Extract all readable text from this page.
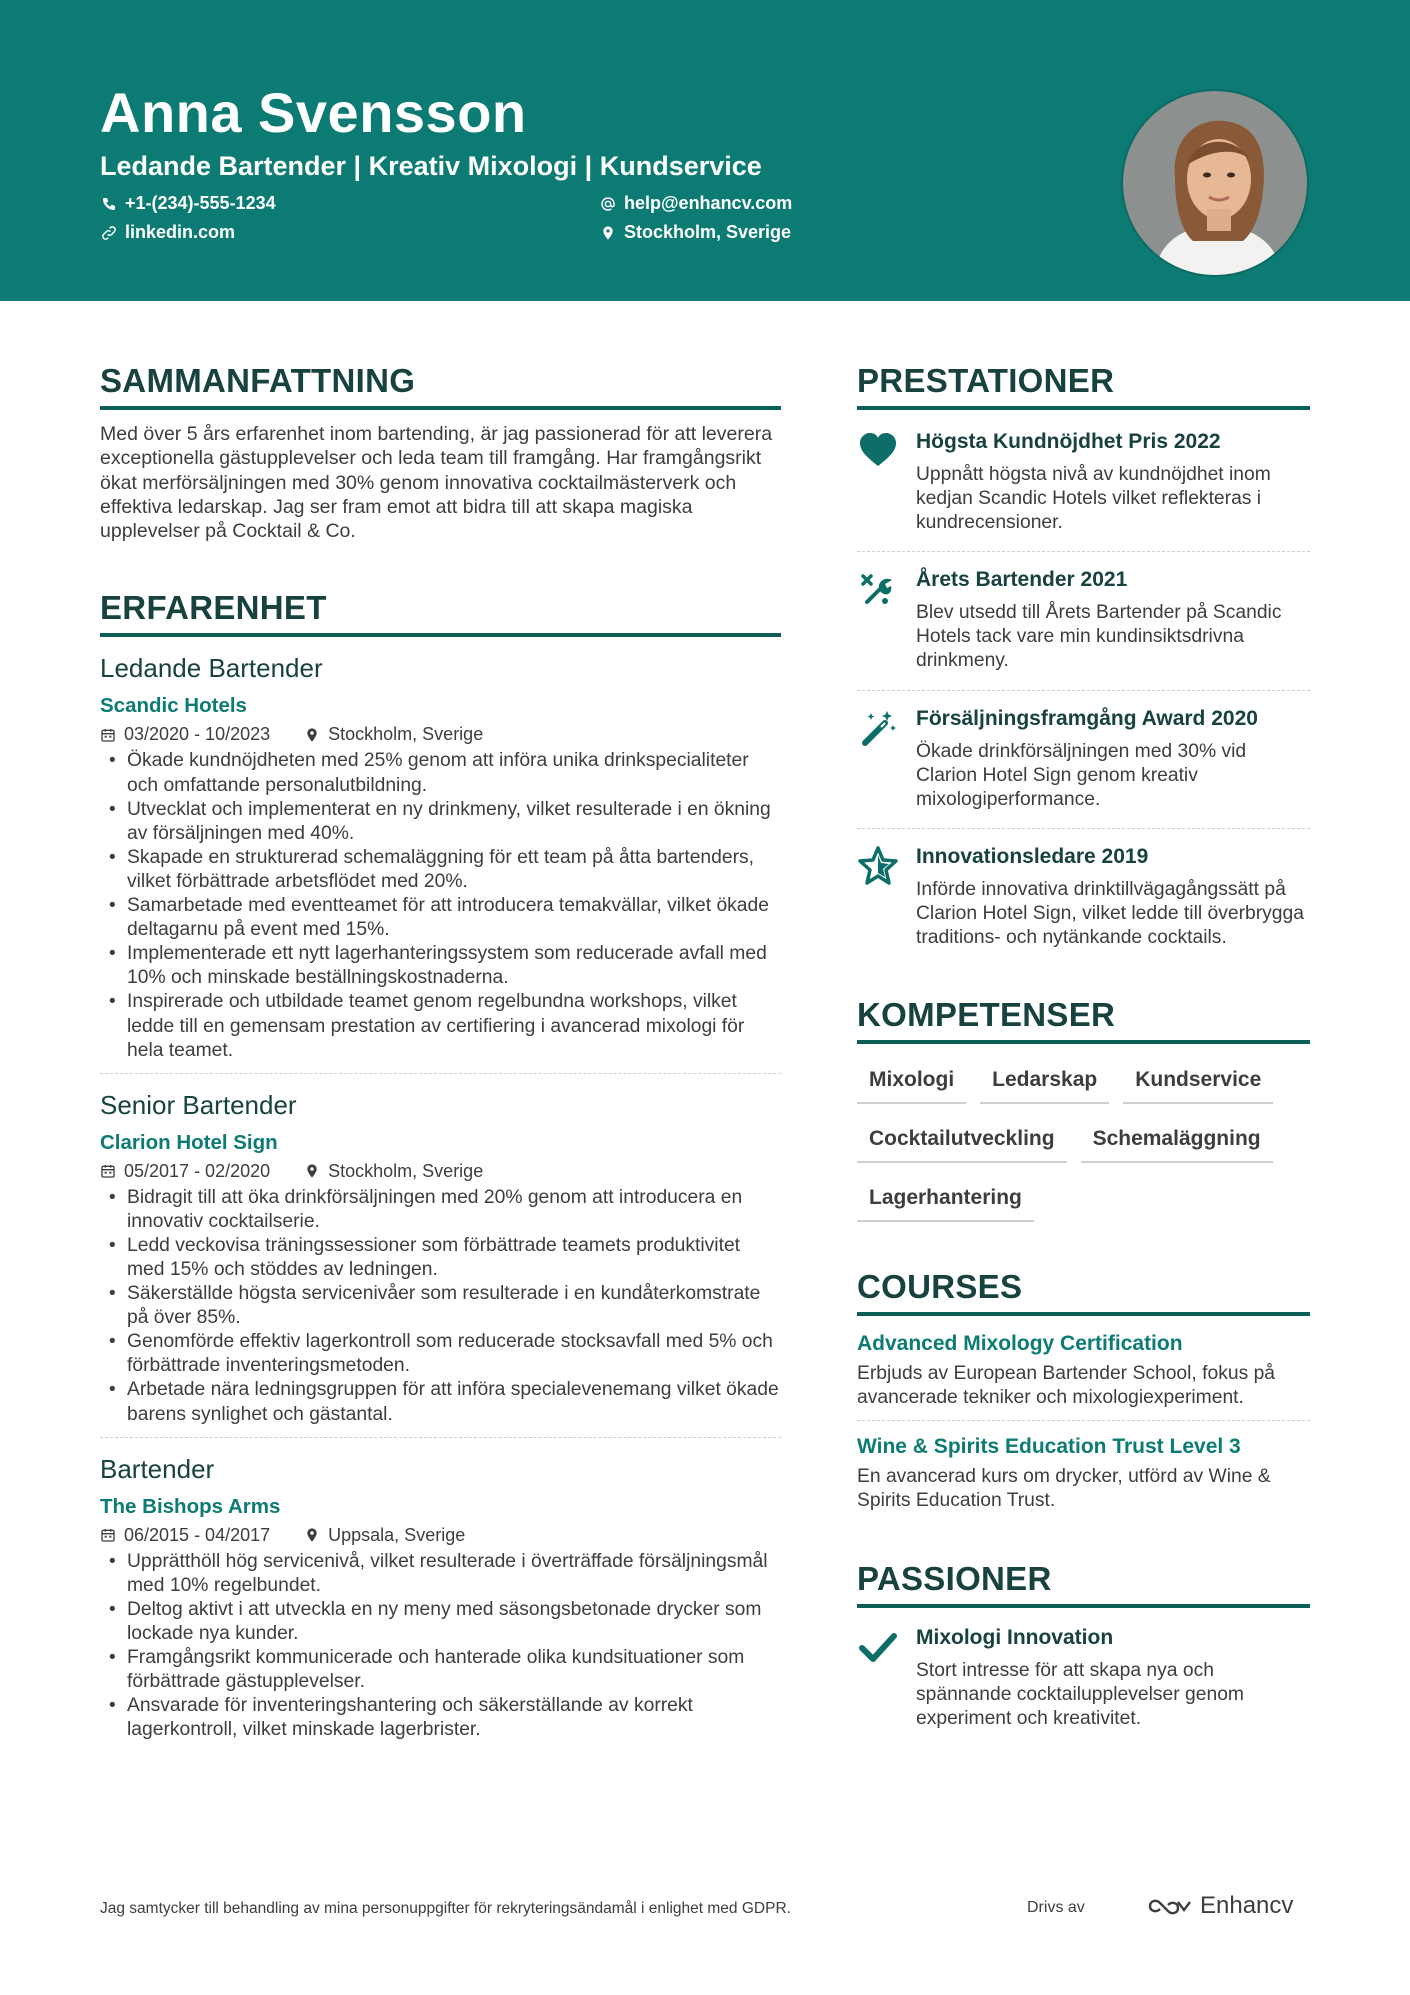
Anna Svensson
Ledande Bartender | Kreativ Mixologi | Kundservice
+1-(234)-555-1234
linkedin.com
help@enhancv.com
Stockholm, Sverige
SAMMANFATTNING
Med över 5 års erfarenhet inom bartending, är jag passionerad för att leverera exceptionella gästupplevelser och leda team till framgång. Har framgångsrikt ökat merförsäljningen med 30% genom innovativa cocktailmästerverk och effektiva ledarskap. Jag ser fram emot att bidra till att skapa magiska upplevelser på Cocktail & Co.
ERFARENHET
Ledande Bartender
Scandic Hotels
03/2020 - 10/2023	Stockholm, Sverige
• Ökade kundnöjdheten med 25% genom att införa unika drinkspecialiteter och omfattande personalutbildning.
• Utvecklat och implementerat en ny drinkmeny, vilket resulterade i en ökning av försäljningen med 40%.
• Skapade en strukturerad schemaläggning för ett team på åtta bartenders, vilket förbättrade arbetsflödet med 20%.
• Samarbetade med eventteamet för att introducera temakvällar, vilket ökade deltagarnu på event med 15%.
• Implementerade ett nytt lagerhanteringssystem som reducerade avfall med 10% och minskade beställningskostnaderna.
• Inspirerade och utbildade teamet genom regelbundna workshops, vilket ledde till en gemensam prestation av certifiering i avancerad mixologi för hela teamet.
Senior Bartender
Clarion Hotel Sign
05/2017 - 02/2020	Stockholm, Sverige
• Bidragit till att öka drinkförsäljningen med 20% genom att introducera en innovativ cocktailserie.
• Ledd veckovisa träningssessioner som förbättrade teamets produktivitet med 15% och stöddes av ledningen.
• Säkerställde högsta servicenivåer som resulterade i en kundåterkomstrate på över 85%.
• Genomförde effektiv lagerkontroll som reducerade stocksavfall med 5% och förbättrade inventeringsmetoden.
• Arbetade nära ledningsgruppen för att införa specialevenemang vilket ökade barens synlighet och gästantal.
Bartender
The Bishops Arms
06/2015 - 04/2017	Uppsala, Sverige
• Upprätthöll hög servicenivå, vilket resulterade i överträffade försäljningsmål med 10% regelbundet.
• Deltog aktivt i att utveckla en ny meny med säsongsbetonade drycker som lockade nya kunder.
• Framgångsrikt kommunicerade och hanterade olika kundsituationer som förbättrade gästupplevelser.
• Ansvarade för inventeringshantering och säkerställande av korrekt lagerkontroll, vilket minskade lagerbrister.
PRESTATIONER
Högsta Kundnöjdhet Pris 2022
Uppnått högsta nivå av kundnöjdhet inom kedjan Scandic Hotels vilket reflekteras i kundrecensioner.
Årets Bartender 2021
Blev utsedd till Årets Bartender på Scandic Hotels tack vare min kundinsiktsdrivna drinkmeny.
Försäljningsframgång Award 2020
Ökade drinkförsäljningen med 30% vid Clarion Hotel Sign genom kreativ mixologiperformance.
Innovationsledare 2019
Införde innovativa drinktillvägagångssätt på Clarion Hotel Sign, vilket ledde till överbrygga traditions- och nytänkande cocktails.
KOMPETENSER
Mixologi	Ledarskap	Kundservice
Cocktailutveckling	Schemaläggning
Lagerhantering
COURSES
Advanced Mixology Certification
Erbjuds av European Bartender School, fokus på avancerade tekniker och mixologiexperiment.
Wine & Spirits Education Trust Level 3
En avancerad kurs om drycker, utförd av Wine & Spirits Education Trust.
PASSIONER
Mixologi Innovation
Stort intresse för att skapa nya och spännande cocktailupplevelser genom experiment och kreativitet.
Jag samtycker till behandling av mina personuppgifter för rekryteringsändamål i enlighet med GDPR.	Drivs av	Enhancv
